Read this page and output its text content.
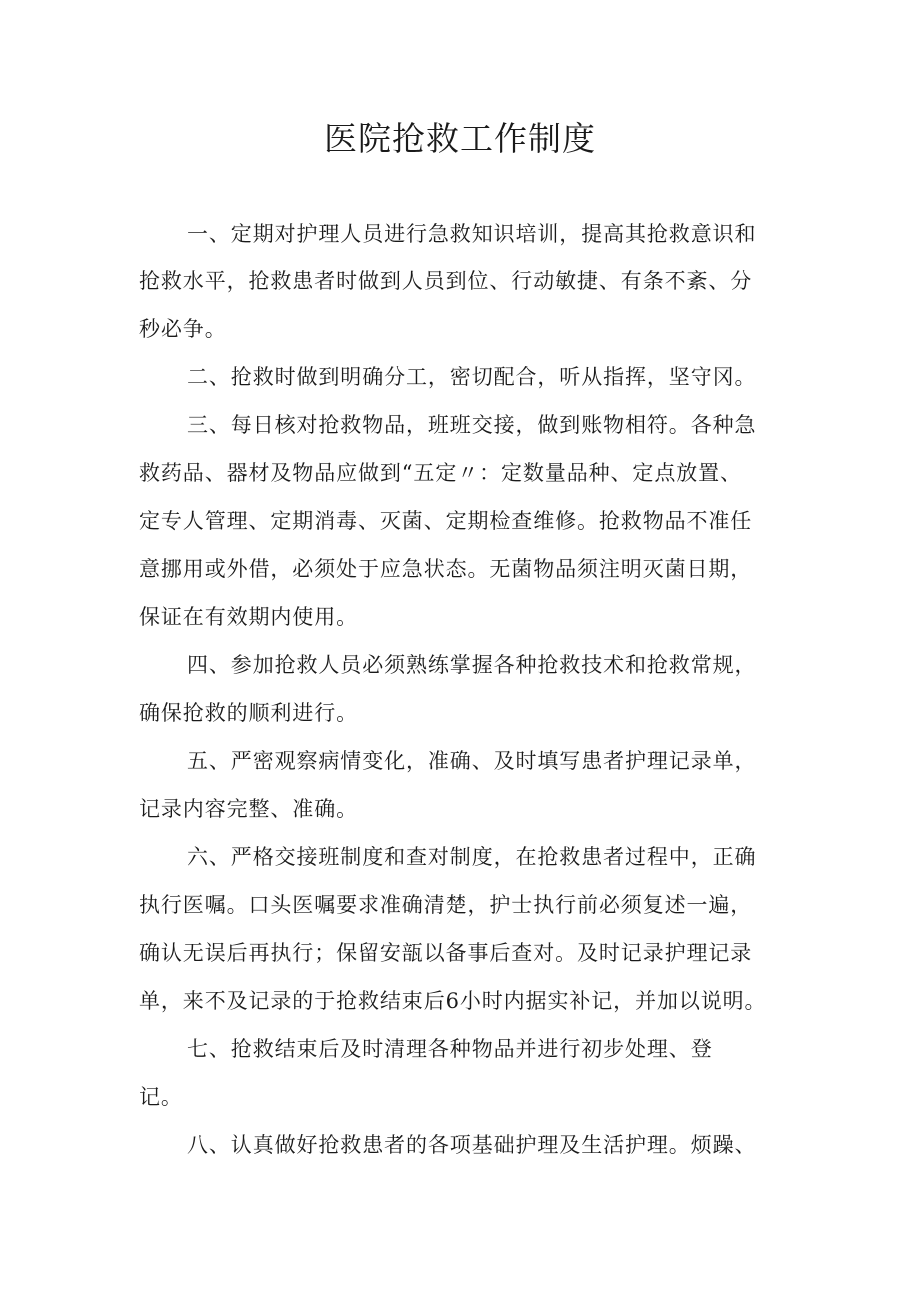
医院抢救工作制度
一、定期对护理人员进行急救知识培训，提高其抢救意识和
抢救水平，抢救患者时做到人员到位、行动敏捷、有条不紊、分
秒必争。
二、抢救时做到明确分工，密切配合，听从指挥，坚守冈。
三、每日核对抢救物品，班班交接，做到账物相符。各种急
救药品、器材及物品应做到“五定〃：定数量品种、定点放置、
定专人管理、定期消毒、灭菌、定期检查维修。抢救物品不准任
意挪用或外借，必须处于应急状态。无菌物品须注明灭菌日期，
保证在有效期内使用。
四、参加抢救人员必须熟练掌握各种抢救技术和抢救常规，
确保抢救的顺利进行。
五、严密观察病情变化，准确、及时填写患者护理记录单，
记录内容完整、准确。
六、严格交接班制度和查对制度，在抢救患者过程中，正确
执行医嘱。口头医嘱要求准确清楚，护士执行前必须复述一遍，
确认无误后再执行；保留安瓿以备事后查对。及时记录护理记录
单，来不及记录的于抢救结束后6小时内据实补记，并加以说明。
七、抢救结束后及时清理各种物品并进行初步处理、登
记。
八、认真做好抢救患者的各项基础护理及生活护理。烦躁、
